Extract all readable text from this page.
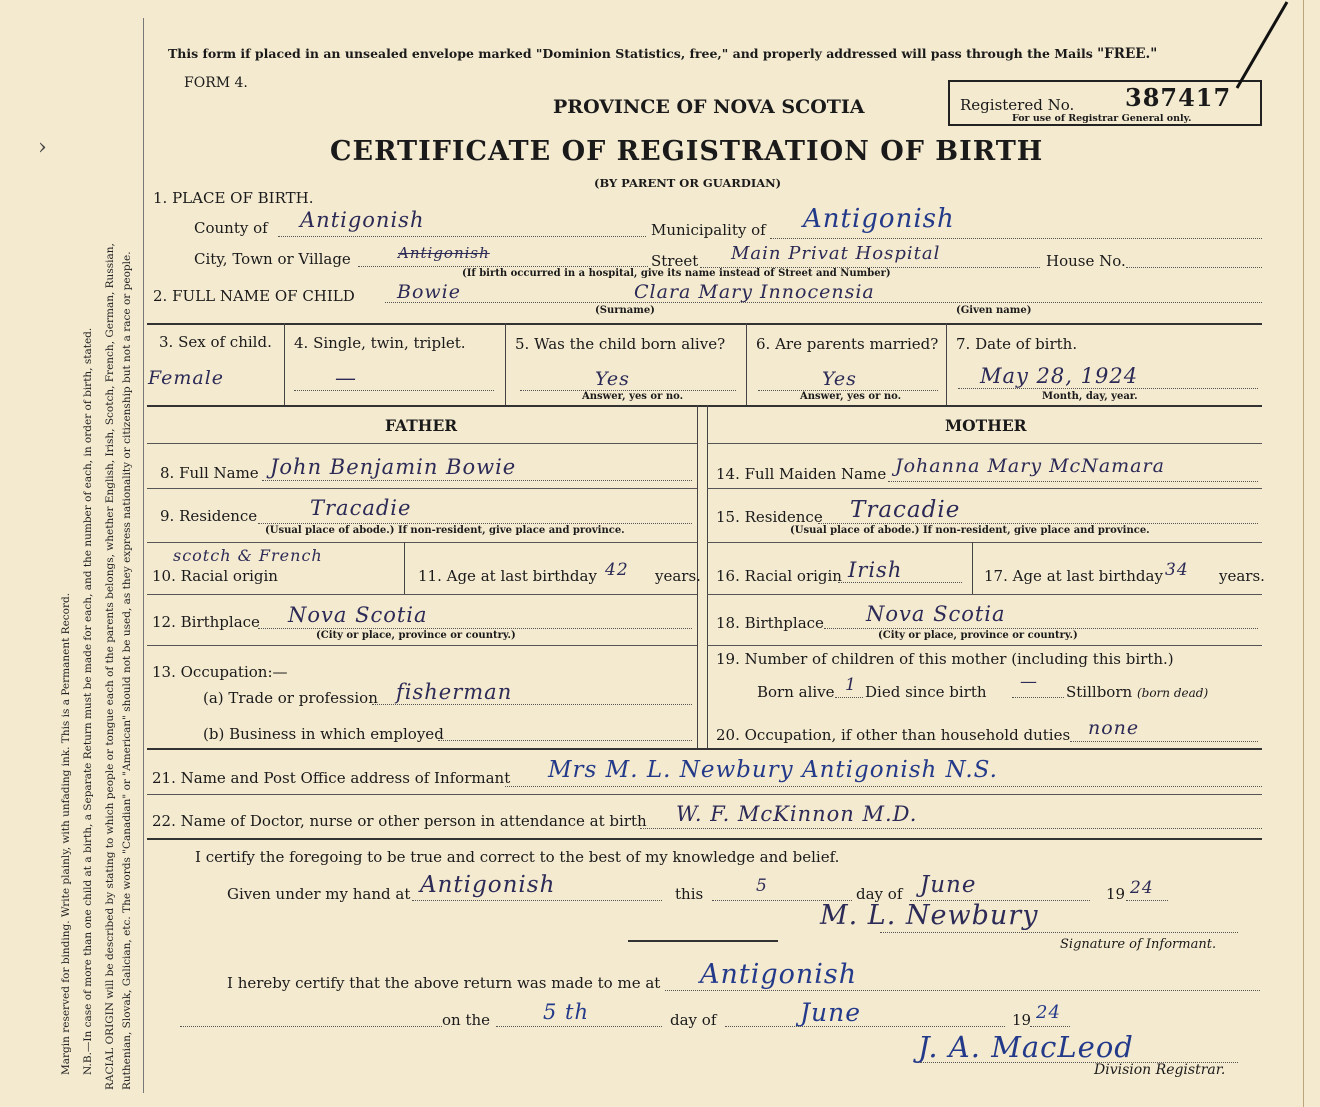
Margin reserved for binding. Write plainly, with unfading ink. This is a Permanent Record. N.B.—In case of more than one child at a birth, a Separate Return must be made for each, and the number of each, in order of birth, stated. RACIAL ORIGIN will be described by stating to which people or tongue each of the parents belongs, whether English, Irish, Scotch, French, German, Russian, Ruthenian, Slovak, Galician, etc. The words "Canadian" or "American" should not be used, as they express nationality or citizenship but not a race or people.
›
This form if placed in an unsealed envelope marked "Dominion Statistics, free," and properly addressed will pass through the Mails "FREE."
FORM 4.
PROVINCE OF NOVA SCOTIA
CERTIFICATE OF REGISTRATION OF BIRTH
(BY PARENT OR GUARDIAN)
Registered No. 387417
For use of Registrar General only.
1. PLACE OF BIRTH.
County of Antigonish	Municipality of Antigonish
City, Town or Village	Antigonish	Street Main Privat Hospital	House No.
(If birth occurred in a hospital, give its name instead of Street and Number)
2. FULL NAME OF CHILD Bowie	Clara Mary Innocensia
(Surname)	(Given name)
3. Sex of child.
Female
4. Single, twin, triplet.
—
5. Was the child born alive?
Yes
Answer, yes or no.
6. Are parents married?
Yes
Answer, yes or no.
7. Date of birth.
May 28, 1924
Month, day, year.
FATHER	MOTHER
8. Full Name John Benjamin Bowie
9. Residence	Tracadie
(Usual place of abode.) If non-resident, give place and province.
scotch & French
10. Racial origin	11. Age at last birthday 42 years.
12. Birthplace Nova Scotia
(City or place, province or country.)
13. Occupation:—
(a) Trade or profession fisherman
(b) Business in which employed
14. Full Maiden Name Johanna Mary McNamara
15. Residence Tracadie
(Usual place of abode.) If non-resident, give place and province.
16. Racial origin Irish	17. Age at last birthday 34 years.
18. Birthplace Nova Scotia
(City or place, province or country.)
19. Number of children of this mother (including this birth.)
Born alive 1 Died since birth — Stillborn (born dead)
20. Occupation, if other than household duties none
21. Name and Post Office address of Informant Mrs M. L. Newbury Antigonish N.S.
22. Name of Doctor, nurse or other person in attendance at birth W. F. McKinnon M.D.
I certify the foregoing to be true and correct to the best of my knowledge and belief.
Given under my hand at Antigonish	this	5	day of June	19 24
M. L. Newbury
Signature of Informant.
I hereby certify that the above return was made to me at Antigonish
on the	5 th	day of	June	19 24
J. A. MacLeod
Division Registrar.
